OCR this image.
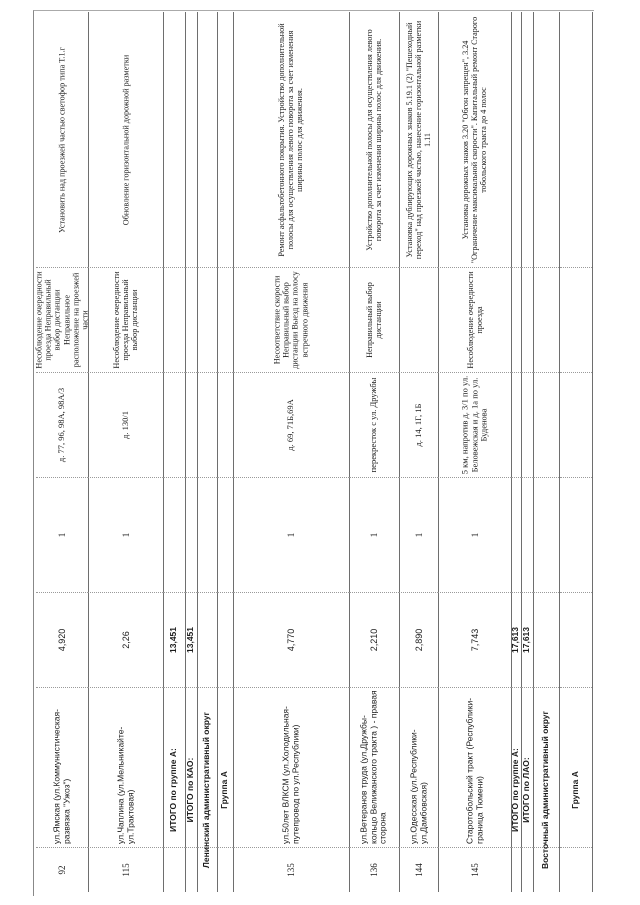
92
ул.Ямская (ул.Коммунистическая-развязка "Ужоз")
4,920
1
д. 77, 96, 98А, 98А/3
Несоблюдение очередности проезда Неправильный выбор дистанции Неправильное расположение на проезжей части
Установить над проезжей частью светофор типа Т.1.г
115
ул.Чаплина (ул.Мельникайте-ул.Трактовая)
2,26
1
д. 130/1
Несоблюдение очередности проезда Неправильный выбор дистанции
Обновление горизонтальной дорожной разметки
ИТОГО по группе А:
13,451
ИТОГО по КАО:
13,451
Ленинский административный округ Группа А
135
ул.50лет ВЛКСМ (ул.Холодильная-путепровод по ул.Республики)
4,770
1
д. 69, 71Б,69А
Несоответствие скорости Неправильный выбор дистанции Выезд на полосу встречного движения
Ремонт асфальтобетонного покрытия. Устройство дополнительной полосы для осуществления левого поворота за счет изменения ширины полос для движения.
136
ул.Ветеранов труда (ул.Дружбы-кольцо Велижанского тракта ) - правая сторона
2,210
1
перекресток с ул. Дружбы
Неправильный выбор дистанции
Устройство дополнительной полосы для осуществления левого поворота за счет изменения ширины полос для движения.
144
ул.Одесская (ул.Республики-ул.Дамбовская)
2,890
1
д. 14, 1Г, 1Б
Установка дублирующих дорожных знаков 5.19.1 (2) "Пешеходный переход" над проезжей частью, нанесение горизонтальной разметки 1.11
145
Старотобольский тракт (Республики-граница Тюмени)
7,743
1
5 км, напротив д. 3/1 по ул. Беловежская и д. 1а по ул. Буденова
Несоблюдение очередности проезда
Установка дорожных знаков 3.20 "Обгон запрещен", 3.24 "Ограничение максимальной скорости". Капитальный ремонт Старого тобольского тракта до 4 полос
ИТОГО по группе А:
17,613
ИТОГО по ЛАО:
17,613
Восточный административный округ Группа А
